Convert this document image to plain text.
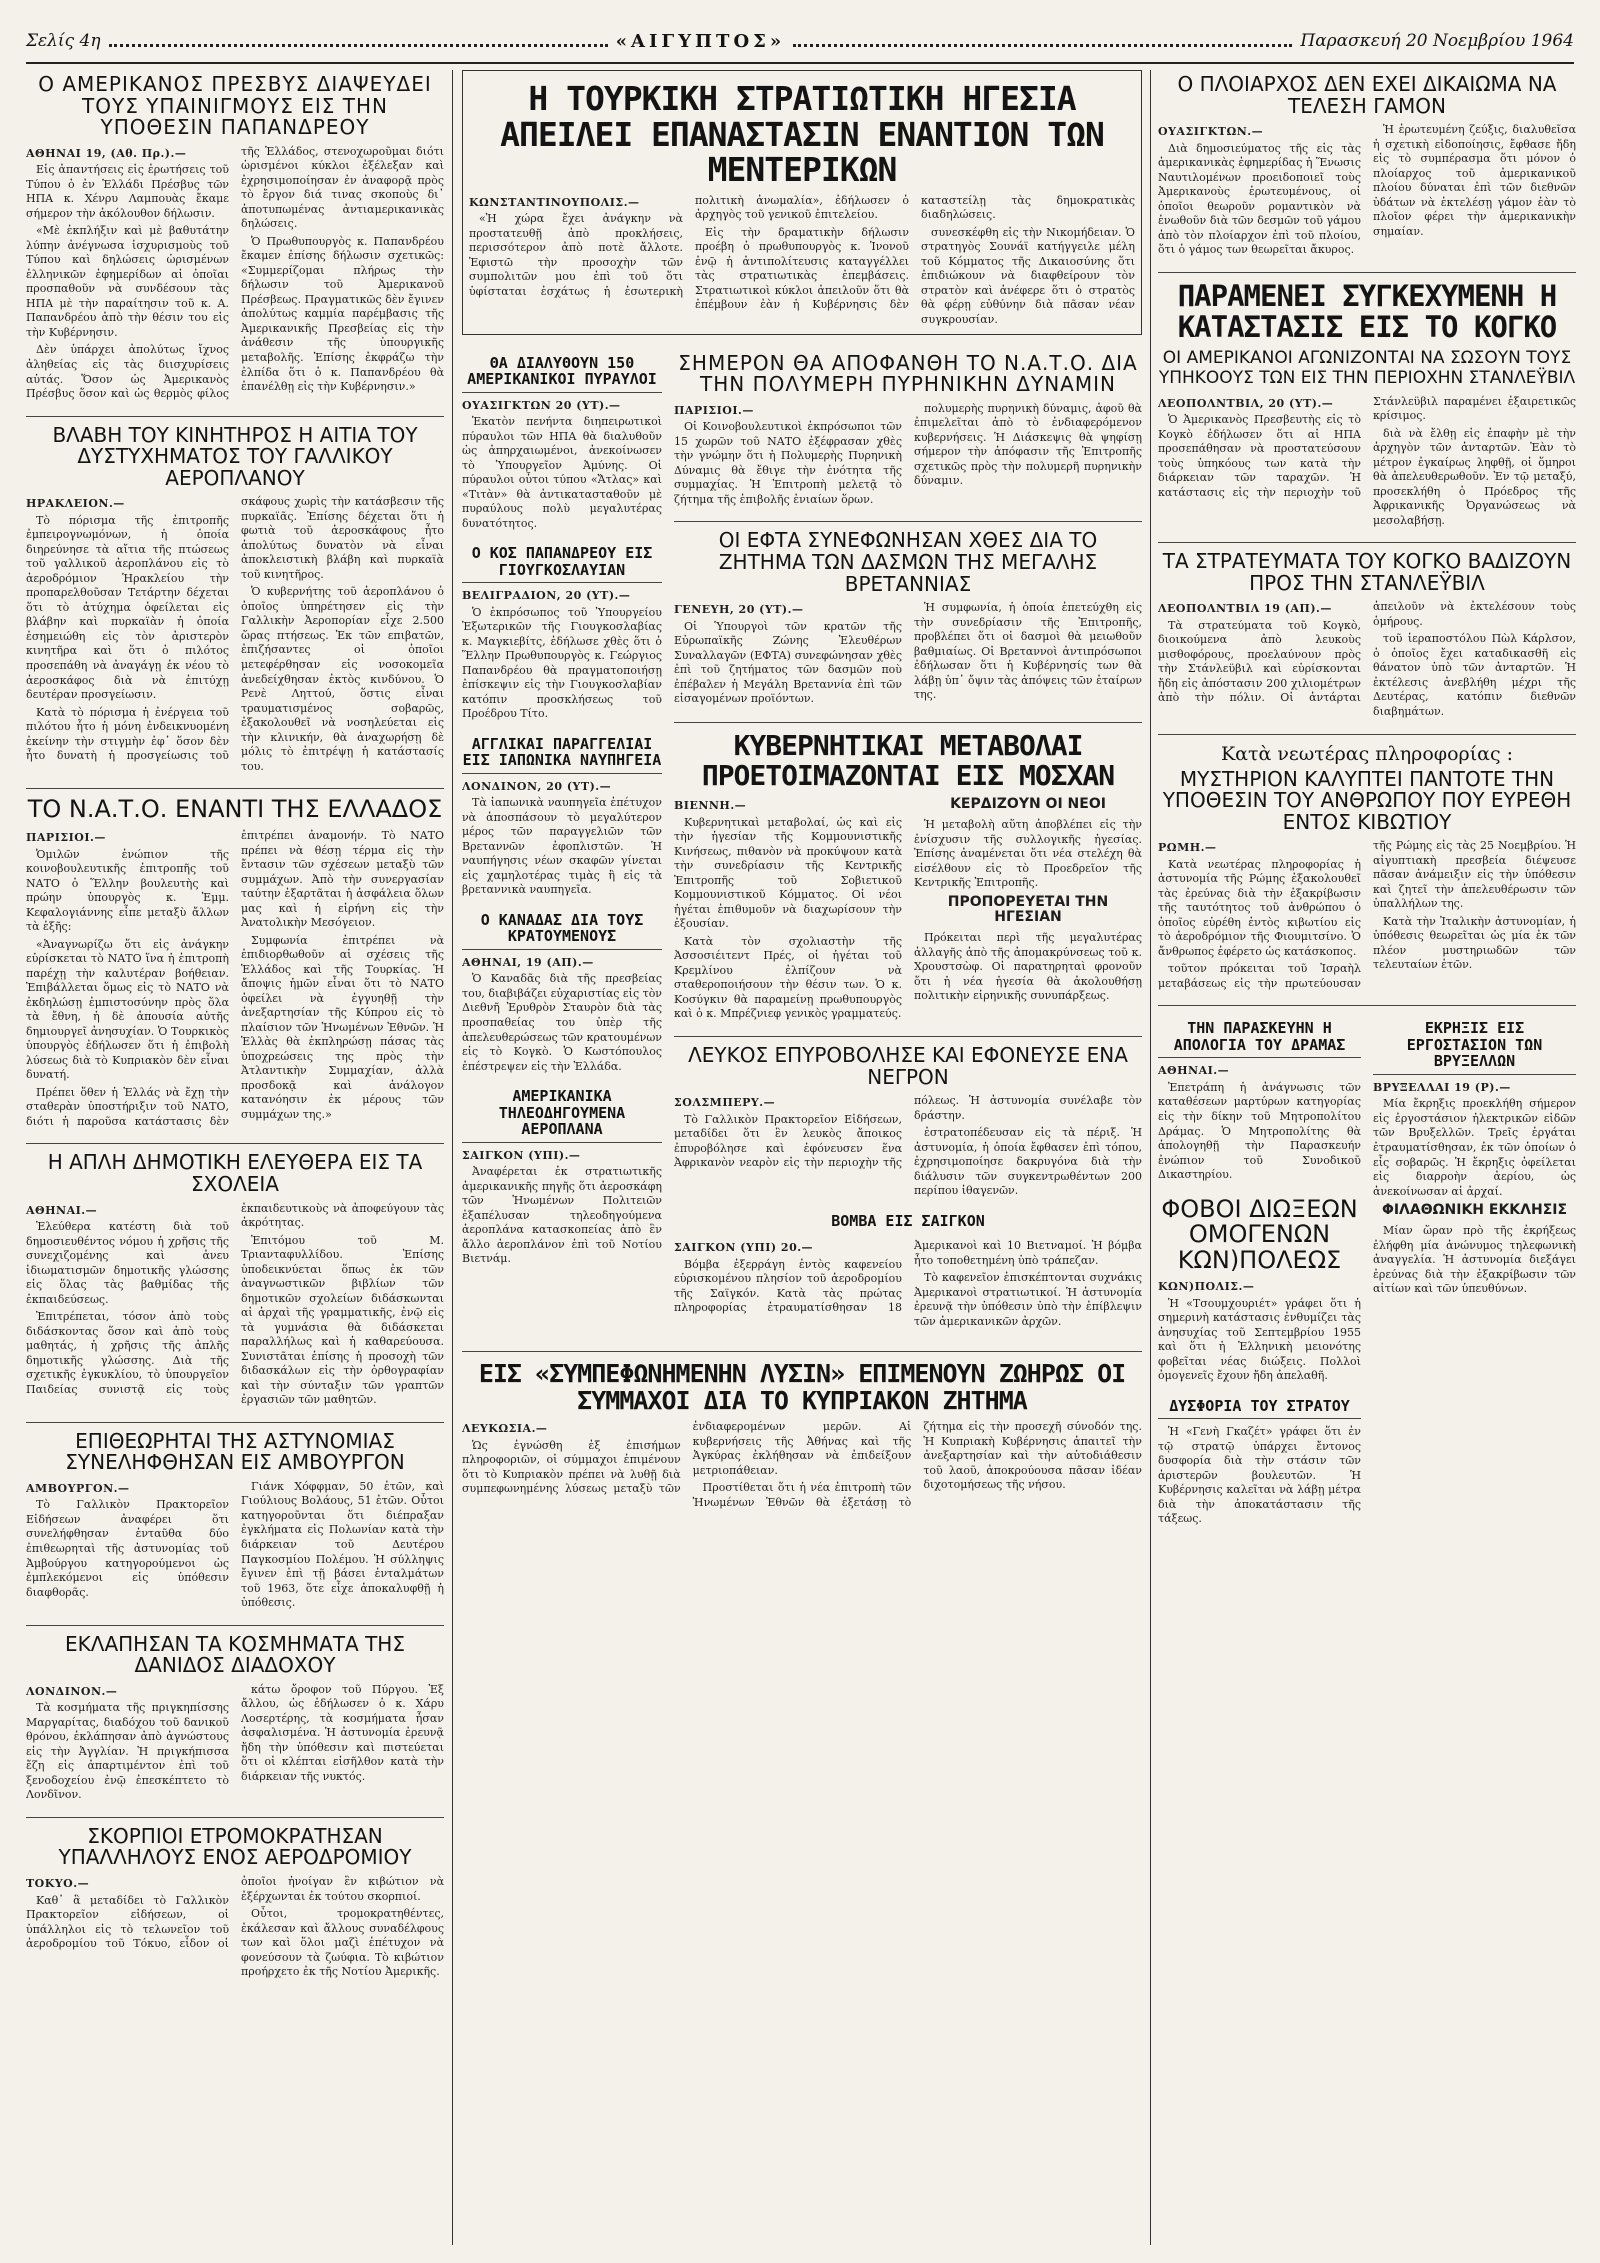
Σελίς 4η	«ΑΙΓΥΠΤΟΣ»	Παρασκευή 20 Νοεμβρίου 1964
Ο ΑΜΕΡΙΚΑΝΟΣ ΠΡΕΣΒΥΣ ΔΙΑΨΕΥΔΕΙ ΤΟΥΣ ΥΠΑΙΝΙΓΜΟΥΣ ΕΙΣ ΤΗΝ ΥΠΟΘΕΣΙΝ ΠΑΠΑΝΔΡΕΟΥ
ΑΘΗΝΑΙ 19, (Αθ. Πρ.).—

Εἰς ἀπαντήσεις εἰς ἐρωτήσεις τοῦ Τύπου ὁ ἐν Ἑλλάδι Πρέσβυς τῶν ΗΠΑ κ. Χένρυ Λαμπουὰς ἔκαμε σήμερον τὴν ἀκόλουθον δήλωσιν.

«Μὲ ἐκπλήξιν καὶ μὲ βαθυτάτην λύπην ἀνέγνωσα ἰσχυρισμοὺς τοῦ Τύπου καὶ δηλώσεις ὡρισμένων ἑλληνικῶν ἐφημερίδων αἱ ὁποῖαι προσπαθοῦν νὰ συνδέσουν τὰς ΗΠΑ μὲ τὴν παραίτησιν τοῦ κ. Α. Παπανδρέου ἀπὸ τὴν θέσιν του εἰς τὴν Κυβέρνησιν.

Δὲν ὑπάρχει ἀπολύτως ἴχνος ἀληθείας εἰς τὰς διισχυρίσεις αὐτάς. Ὅσον ὡς Ἀμερικανὸς Πρέσβυς ὅσον καὶ ὡς θερμὸς φίλος τῆς Ἑλλάδος, στενοχωροῦμαι διότι ὡρισμένοι κύκλοι ἐξέλεξαν καὶ ἐχρησιμοποίησαν ἐν ἀναφορᾷ πρὸς τὸ ἔργον διά τινας σκοποὺς δι᾽ ἀποτυπωμένας ἀντιαμερικανικὰς δηλώσεις.

Ὁ Πρωθυπουργὸς κ. Παπανδρέου ἔκαμεν ἐπίσης δήλωσιν σχετικῶς: «Συμμερίζομαι πλήρως τὴν δήλωσιν τοῦ Ἀμερικανοῦ Πρέσβεως. Πραγματικῶς δὲν ἔγινεν ἀπολύτως καμμία παρέμβασις τῆς Ἀμερικανικῆς Πρεσβείας εἰς τὴν ἀνάθεσιν τῆς ὑπουργικῆς μεταβολῆς. Ἐπίσης ἐκφράζω τὴν ἐλπίδα ὅτι ὁ κ. Παπανδρέου θὰ ἐπανέλθῃ εἰς τὴν Κυβέρνησιν.»

ΒΛΑΒΗ ΤΟΥ ΚΙΝΗΤΗΡΟΣ Η ΑΙΤΙΑ ΤΟΥ ΔΥΣΤΥΧΗΜΑΤΟΣ ΤΟΥ ΓΑΛΛΙΚΟΥ ΑΕΡΟΠΛΑΝΟΥ
ΗΡΑΚΛΕΙΟΝ.—

Τὸ πόρισμα τῆς ἐπιτροπῆς ἐμπειρογνωμόνων, ἡ ὁποία διηρεύνησε τὰ αἴτια τῆς πτώσεως τοῦ γαλλικοῦ ἀεροπλάνου εἰς τὸ ἀεροδρόμιον Ἡρακλείου τὴν προπαρελθοῦσαν Τετάρτην δέχεται ὅτι τὸ ἀτύχημα ὀφείλεται εἰς βλάβην καὶ πυρκαϊὰν ἡ ὁποία ἐσημειώθη εἰς τὸν ἀριστερὸν κινητῆρα καὶ ὅτι ὁ πιλότος προσεπάθη νὰ ἀναγάγῃ ἐκ νέου τὸ ἀεροσκάφος διὰ νὰ ἐπιτύχῃ δευτέραν προσγείωσιν.

Κατὰ τὸ πόρισμα ἡ ἐνέργεια τοῦ πιλότου ἦτο ἡ μόνη ἐνδεικνυομένη ἐκείνην τὴν στιγμὴν ἐφ᾽ ὅσον δὲν ἦτο δυνατὴ ἡ προσγείωσις τοῦ σκάφους χωρὶς τὴν κατάσβεσιν τῆς πυρκαϊᾶς. Ἐπίσης δέχεται ὅτι ἡ φωτιὰ τοῦ ἀεροσκάφους ἦτο ἀπολύτως δυνατὸν νὰ εἶναι ἀποκλειστικὴ βλάβη καὶ πυρκαϊὰ τοῦ κινητῆρος.

Ὁ κυβερνήτης τοῦ ἀεροπλάνου ὁ ὁποῖος ὑπηρέτησεν εἰς τὴν Γαλλικὴν Ἀεροπορίαν εἶχε 2.500 ὥρας πτήσεως. Ἐκ τῶν επιβατῶν, ἐπιζήσαντες οἱ ὁποῖοι μετεφέρθησαν εἰς νοσοκομεῖα ἀνεδείχθησαν ἐκτὸς κινδύνου. Ὁ Ρενὲ Ληττού, ὅστις εἶναι τραυματισμένος σοβαρῶς, ἐξακολουθεῖ νὰ νοσηλεύεται εἰς τὴν κλινικήν, θὰ ἀναχωρήσῃ δὲ μόλις τὸ ἐπιτρέψῃ ἡ κατάστασίς του.

ΤΟ Ν.Α.Τ.Ο. ΕΝΑΝΤΙ ΤΗΣ ΕΛΛΑΔΟΣ
ΠΑΡΙΣΙΟΙ.—

Ὁμιλῶν ἐνώπιον τῆς κοινοβουλευτικῆς ἐπιτροπῆς τοῦ ΝΑΤΟ ὁ Ἕλλην βουλευτὴς καὶ πρώην ὑπουργὸς κ. Ἐμμ. Κεφαλογιάννης εἶπε μεταξὺ ἄλλων τὰ ἑξῆς:

«Ἀναγνωρίζω ὅτι εἰς ἀνάγκην εὑρίσκεται τὸ ΝΑΤΟ ἵνα ἡ ἐπιτροπὴ παρέχῃ τὴν καλυτέραν βοήθειαν. Ἐπιβάλλεται ὅμως εἰς τὸ ΝΑΤΟ νὰ ἐκδηλώσῃ ἐμπιστοσύνην πρὸς ὅλα τὰ ἔθνη, ἡ δὲ ἀπουσία αὐτῆς δημιουργεῖ ἀνησυχίαν. Ὁ Τουρκικὸς ὑπουργὸς ἐδήλωσεν ὅτι ἡ ἐπιβολὴ λύσεως διὰ τὸ Κυπριακὸν δὲν εἶναι δυνατή.

Πρέπει ὅθεν ἡ Ἑλλάς νὰ ἔχῃ τὴν σταθερὰν ὑποστήριξιν τοῦ ΝΑΤΟ, διότι ἡ παροῦσα κατάστασις δὲν ἐπιτρέπει ἀναμονήν. Τὸ ΝΑΤΟ πρέπει νὰ θέσῃ τέρμα εἰς τὴν ἔντασιν τῶν σχέσεων μεταξὺ τῶν συμμάχων. Ἀπὸ τὴν συνεργασίαν ταύτην ἐξαρτᾶται ἡ ἀσφάλεια ὅλων μας καὶ ἡ εἰρήνη εἰς τὴν Ἀνατολικὴν Μεσόγειον.

Συμφωνία ἐπιτρέπει νὰ ἐπιδιορθωθοῦν αἱ σχέσεις τῆς Ἑλλάδος καὶ τῆς Τουρκίας. Ἡ ἄποψις ἡμῶν εἶναι ὅτι τὸ ΝΑΤΟ ὀφείλει νὰ ἐγγυηθῇ τὴν ἀνεξαρτησίαν τῆς Κύπρου εἰς τὸ πλαίσιον τῶν Ἡνωμένων Ἐθνῶν. Ἡ Ἑλλὰς θὰ ἐκπληρώσῃ πάσας τὰς ὑποχρεώσεις της πρὸς τὴν Ἀτλαντικὴν Συμμαχίαν, ἀλλὰ προσδοκᾷ καὶ ἀνάλογον κατανόησιν ἐκ μέρους τῶν συμμάχων της.»

Η ΑΠΛΗ ΔΗΜΟΤΙΚΗ ΕΛΕΥΘΕΡΑ ΕΙΣ ΤΑ ΣΧΟΛΕΙΑ
ΑΘΗΝΑΙ.—

Ἐλεύθερα κατέστη διὰ τοῦ δημοσιευθέντος νόμου ἡ χρῆσις τῆς συνεχιζομένης καὶ ἀνευ ἰδιωματισμῶν δημοτικῆς γλώσσης εἰς ὅλας τὰς βαθμίδας τῆς ἐκπαιδεύσεως.

Ἐπιτρέπεται, τόσον ἀπὸ τοὺς διδάσκοντας ὅσον καὶ ἀπὸ τοὺς μαθητάς, ἡ χρῆσις τῆς ἁπλῆς δημοτικῆς γλώσσης. Διὰ τῆς σχετικῆς ἐγκυκλίου, τὸ ὑπουργεῖον Παιδείας συνιστᾷ εἰς τοὺς ἐκπαιδευτικοὺς νὰ ἀποφεύγουν τὰς ἀκρότητας.

Ἐπιτόμου τοῦ Μ. Τριανταφυλλίδου. Ἐπίσης ὑποδεικνύεται ὅπως ἐκ τῶν ἀναγνωστικῶν βιβλίων τῶν δημοτικῶν σχολείων διδάσκωνται αἱ ἀρχαὶ τῆς γραμματικῆς, ἐνῷ εἰς τὰ γυμνάσια θὰ διδάσκεται παραλλήλως καὶ ἡ καθαρεύουσα. Συνιστᾶται ἐπίσης ἡ προσοχὴ τῶν διδασκάλων εἰς τὴν ὀρθογραφίαν καὶ τὴν σύνταξιν τῶν γραπτῶν ἐργασιῶν τῶν μαθητῶν.

ΕΠΙΘΕΩΡΗΤΑΙ ΤΗΣ ΑΣΤΥΝΟΜΙΑΣ ΣΥΝΕΛΗΦΘΗΣΑΝ ΕΙΣ ΑΜΒΟΥΡΓΟΝ
ΑΜΒΟΥΡΓΟΝ.—

Τὸ Γαλλικὸν Πρακτορεῖον Εἰδήσεων ἀναφέρει ὅτι συνελήφθησαν ἐνταῦθα δύο ἐπιθεωρηταὶ τῆς ἀστυνομίας τοῦ Ἀμβούργου κατηγορούμενοι ὡς ἐμπλεκόμενοι εἰς ὑπόθεσιν διαφθορᾶς.

Γιάνκ Χόφφμαν, 50 ἐτῶν, καὶ Γιούλιους Βολάους, 51 ἐτῶν. Οὗτοι κατηγοροῦνται ὅτι διέπραξαν ἐγκλήματα εἰς Πολωνίαν κατὰ τὴν διάρκειαν τοῦ Δευτέρου Παγκοσμίου Πολέμου. Ἡ σύλληψις ἔγινεν ἐπὶ τῇ βάσει ἐνταλμάτων τοῦ 1963, ὅτε εἶχε ἀποκαλυφθῇ ἡ ὑπόθεσις.

ΕΚΛΑΠΗΣΑΝ ΤΑ ΚΟΣΜΗΜΑΤΑ ΤΗΣ ΔΑΝΙΔΟΣ ΔΙΑΔΟΧΟΥ
ΛΟΝΔΙΝΟΝ.—

Τὰ κοσμήματα τῆς πριγκηπίσσης Μαργαρίτας, διαδόχου τοῦ δανικοῦ θρόνου, ἐκλάπησαν ἀπὸ ἀγνώστους εἰς τὴν Ἀγγλίαν. Ἡ πριγκήπισσα ἔζη εἰς ἀπαρτιμέντον ἐπὶ τοῦ ξενοδοχείου ἐνῷ ἐπεσκέπτετο τὸ Λονδῖνον.

κάτω ὄροφον τοῦ Πύργου. Ἐξ ἄλλου, ὡς ἐδήλωσεν ὁ κ. Χάρυ Λοσερτέρης, τὰ κοσμήματα ἦσαν ἀσφαλισμένα. Ἡ ἀστυνομία ἐρευνᾷ ἤδη τὴν ὑπόθεσιν καὶ πιστεύεται ὅτι οἱ κλέπται εἰσῆλθον κατὰ τὴν διάρκειαν τῆς νυκτός.

ΣΚΟΡΠΙΟΙ ΕΤΡΟΜΟΚΡΑΤΗΣΑΝ ΥΠΑΛΛΗΛΟΥΣ ΕΝΟΣ ΑΕΡΟΔΡΟΜΙΟΥ
ΤΟΚΥΟ.—

Καθ᾽ ἃ μεταδίδει τὸ Γαλλικὸν Πρακτορεῖον εἰδήσεων, οἱ ὑπάλληλοι εἰς τὸ τελωνεῖον τοῦ ἀεροδρομίου τοῦ Τόκυο, εἶδον οἱ ὁποῖοι ἠνοίγαν ἓν κιβώτιον νὰ ἐξέρχωνται ἐκ τούτου σκορπιοί.

Οὗτοι, τρομοκρατηθέντες, ἐκάλεσαν καὶ ἄλλους συναδέλφους των καὶ ὅλοι μαζὶ ἐπέτυχον νὰ φονεύσουν τὰ ζωύφια. Τὸ κιβώτιον προήρχετο ἐκ τῆς Νοτίου Ἀμερικῆς.

Η ΤΟΥΡΚΙΚΗ ΣΤΡΑΤΙΩΤΙΚΗ ΗΓΕΣΙΑ ΑΠΕΙΛΕΙ ΕΠΑΝΑΣΤΑΣΙΝ ΕΝΑΝΤΙΟΝ ΤΩΝ ΜΕΝΤΕΡΙΚΩΝ
ΚΩΝΣΤΑΝΤΙΝΟΥΠΟΛΙΣ.—

«Ἡ χώρα ἔχει ἀνάγκην νὰ προστατευθῇ ἀπὸ προκλήσεις, περισσότερον ἀπὸ ποτὲ ἄλλοτε. Ἐφιστῶ τὴν προσοχὴν τῶν συμπολιτῶν μου ἐπὶ τοῦ ὅτι ὑφίσταται ἐσχάτως ἡ ἐσωτερικὴ πολιτικὴ ἀνωμαλία», ἐδήλωσεν ὁ ἀρχηγὸς τοῦ γενικοῦ ἐπιτελείου.

Εἰς τὴν δραματικὴν δήλωσιν προέβη ὁ πρωθυπουργὸς κ. Ἰνονοῦ ἐνῷ ἡ ἀντιπολίτευσις καταγγέλλει τὰς στρατιωτικὰς ἐπεμβάσεις. Στρατιωτικοὶ κύκλοι ἀπειλοῦν ὅτι θὰ ἐπέμβουν ἐὰν ἡ Κυβέρνησις δὲν καταστείλῃ τὰς δημοκρατικὰς διαδηλώσεις.

συνεσκέφθη εἰς τὴν Νικομήδειαν. Ὁ στρατηγὸς Σουνάϊ κατήγγειλε μέλη τοῦ Κόμματος τῆς Δικαιοσύνης ὅτι ἐπιδιώκουν νὰ διαφθείρουν τὸν στρατὸν καὶ ἀνέφερε ὅτι ὁ στρατὸς θὰ φέρῃ εὐθύνην διὰ πᾶσαν νέαν συγκρουσίαν.

ΘΑ ΔΙΑΛΥΘΟΥΝ 150 ΑΜΕΡΙΚΑΝΙΚΟΙ ΠΥΡΑΥΛΟΙ
ΟΥΑΣΙΓΚΤΩΝ 20 (ΥΤ).—

Ἑκατὸν πενήντα διηπειρωτικοὶ πύραυλοι τῶν ΗΠΑ θὰ διαλυθοῦν ὡς ἀπηρχαιωμένοι, ἀνεκοίνωσεν τὸ Ὑπουργεῖον Ἀμύνης. Οἱ πύραυλοι οὗτοι τύπου «Ἄτλας» καὶ «Τιτὰν» θὰ ἀντικατασταθοῦν μὲ πυραύλους πολὺ μεγαλυτέρας δυνατότητος.

Ο ΚΟΣ ΠΑΠΑΝΔΡΕΟΥ ΕΙΣ ΓΙΟΥΓΚΟΣΛΑΥΙΑΝ
ΒΕΛΙΓΡΑΔΙΟΝ, 20 (ΥΤ).—

Ὁ ἐκπρόσωπος τοῦ Ὑπουργείου Ἐξωτερικῶν τῆς Γιουγκοσλαβίας κ. Μαγκιεβίτς, ἐδήλωσε χθὲς ὅτι ὁ Ἕλλην Πρωθυπουργὸς κ. Γεώργιος Παπανδρέου θὰ πραγματοποιήσῃ ἐπίσκεψιν εἰς τὴν Γιουγκοσλαβίαν κατόπιν προσκλήσεως τοῦ Προέδρου Τίτο.

ΑΓΓΛΙΚΑΙ ΠΑΡΑΓΓΕΛΙΑΙ ΕΙΣ ΙΑΠΩΝΙΚΑ ΝΑΥΠΗΓΕΙΑ
ΛΟΝΔΙΝΟΝ, 20 (ΥΤ).—

Τὰ ἰαπωνικὰ ναυπηγεῖα ἐπέτυχον νὰ ἀποσπάσουν τὸ μεγαλύτερον μέρος τῶν παραγγελιῶν τῶν Βρεταννῶν ἐφοπλιστῶν. Ἡ ναυπήγησις νέων σκαφῶν γίνεται εἰς χαμηλοτέρας τιμὰς ἢ εἰς τὰ βρεταννικὰ ναυπηγεῖα.

Ο ΚΑΝΑΔΑΣ ΔΙΑ ΤΟΥΣ ΚΡΑΤΟΥΜΕΝΟΥΣ
ΑΘΗΝΑΙ, 19 (ΑΠ).—

Ὁ Καναδᾶς διὰ τῆς πρεσβείας του, διαβιβάζει εὐχαριστίας εἰς τὸν Διεθνῆ Ἐρυθρὸν Σταυρὸν διὰ τὰς προσπαθείας του ὑπὲρ τῆς ἀπελευθερώσεως τῶν κρατουμένων εἰς τὸ Κογκὸ. Ὁ Κωστόπουλος ἐπέστρεψεν εἰς τὴν Ἑλλάδα.

ΑΜΕΡΙΚΑΝΙΚΑ ΤΗΛΕΟΔΗΓΟΥΜΕΝΑ ΑΕΡΟΠΛΑΝΑ
ΣΑΙΓΚΟΝ (ΥΠΙ).—

Ἀναφέρεται ἐκ στρατιωτικῆς ἀμερικανικῆς πηγῆς ὅτι ἀεροσκάφη τῶν Ἡνωμένων Πολιτειῶν ἐξαπέλυσαν τηλεοδηγούμενα ἀεροπλάνα κατασκοπείας ἀπὸ ἓν ἄλλο ἀεροπλάνον ἐπὶ τοῦ Νοτίου Βιετνάμ.

ΣΗΜΕΡΟΝ ΘΑ ΑΠΟΦΑΝΘΗ ΤΟ Ν.Α.Τ.Ο. ΔΙΑ ΤΗΝ ΠΟΛΥΜΕΡΗ ΠΥΡΗΝΙΚΗΝ ΔΥΝΑΜΙΝ
ΠΑΡΙΣΙΟΙ.—

Οἱ Κοινοβουλευτικοὶ ἐκπρόσωποι τῶν 15 χωρῶν τοῦ ΝΑΤΟ ἐξέφρασαν χθὲς τὴν γνώμην ὅτι ἡ Πολυμερὴς Πυρηνικὴ Δύναμις θὰ ἔθιγε τὴν ἐνότητα τῆς συμμαχίας. Ἡ Ἐπιτροπὴ μελετᾷ τὸ ζήτημα τῆς ἐπιβολῆς ἑνιαίων ὅρων.

πολυμερὴς πυρηνικὴ δύναμις, ἀφοῦ θὰ ἐπιμελεῖται ἀπὸ τὸ ἐνδιαφερόμενον κυβερνήσεις. Ἡ Διάσκεψις θὰ ψηφίσῃ σήμερον τὴν ἀπόφασιν τῆς Ἐπιτροπῆς σχετικῶς πρὸς τὴν πολυμερῆ πυρηνικὴν δύναμιν.

ΟΙ ΕΦΤΑ ΣΥΝΕΦΩΝΗΣΑΝ ΧΘΕΣ ΔΙΑ ΤΟ ΖΗΤΗΜΑ ΤΩΝ ΔΑΣΜΩΝ ΤΗΣ ΜΕΓΑΛΗΣ ΒΡΕΤΑΝΝΙΑΣ
ΓΕΝΕΥΗ, 20 (ΥΤ).—

Οἱ Ὑπουργοὶ τῶν κρατῶν τῆς Εὐρωπαϊκῆς Ζώνης Ἐλευθέρων Συναλλαγῶν (ΕΦΤΑ) συνεφώνησαν χθὲς ἐπὶ τοῦ ζητήματος τῶν δασμῶν ποὺ ἐπέβαλεν ἡ Μεγάλη Βρεταννία ἐπὶ τῶν εἰσαγομένων προϊόντων.

Ἡ συμφωνία, ἡ ὁποία ἐπετεύχθη εἰς τὴν συνεδρίασιν τῆς Ἐπιτροπῆς, προβλέπει ὅτι οἱ δασμοὶ θὰ μειωθοῦν βαθμιαίως. Οἱ Βρεταννοὶ ἀντιπρόσωποι ἐδήλωσαν ὅτι ἡ Κυβέρνησίς των θὰ λάβῃ ὑπ᾽ ὄψιν τὰς ἀπόψεις τῶν ἑταίρων της.

ΚΥΒΕΡΝΗΤΙΚΑΙ ΜΕΤΑΒΟΛΑΙ ΠΡΟΕΤΟΙΜΑΖΟΝΤΑΙ ΕΙΣ ΜΟΣΧΑΝ
ΒΙΕΝΝΗ.—

Κυβερνητικαὶ μεταβολαί, ὡς καὶ εἰς τὴν ἡγεσίαν τῆς Κομμουνιστικῆς Κινήσεως, πιθανὸν νὰ προκύψουν κατὰ τὴν συνεδρίασιν τῆς Κεντρικῆς Ἐπιτροπῆς τοῦ Σοβιετικοῦ Κομμουνιστικοῦ Κόμματος. Οἱ νέοι ἡγέται ἐπιθυμοῦν νὰ διαχωρίσουν τὴν ἐξουσίαν.

Κατὰ τὸν σχολιαστὴν τῆς Ἀσσοσιέιτεντ Πρές, οἱ ἡγέται τοῦ Κρεμλίνου ἐλπίζουν νὰ σταθεροποιήσουν τὴν θέσιν των. Ὁ κ. Κοσύγκιν θὰ παραμείνῃ πρωθυπουργὸς καὶ ὁ κ. Μπρέζνιεφ γενικὸς γραμματεύς.

ΚΕΡΔΙΖΟΥΝ ΟΙ ΝΕΟΙ

Ἡ μεταβολὴ αὕτη ἀποβλέπει εἰς τὴν ἐνίσχυσιν τῆς συλλογικῆς ἡγεσίας. Ἐπίσης ἀναμένεται ὅτι νέα στελέχη θὰ εἰσέλθουν εἰς τὸ Προεδρεῖον τῆς Κεντρικῆς Ἐπιτροπῆς.

ΠΡΟΠΟΡΕΥΕΤΑΙ ΤΗΝ ΗΓΕΣΙΑΝ

Πρόκειται περὶ τῆς μεγαλυτέρας ἀλλαγῆς ἀπὸ τῆς ἀπομακρύνσεως τοῦ κ. Χρουστσὼφ. Οἱ παρατηρηταὶ φρονοῦν ὅτι ἡ νέα ἡγεσία θὰ ἀκολουθήσῃ πολιτικὴν εἰρηνικῆς συνυπάρξεως.

ΛΕΥΚΟΣ ΕΠΥΡΟΒΟΛΗΣΕ ΚΑΙ ΕΦΟΝΕΥΣΕ ΕΝΑ ΝΕΓΡΟΝ
ΣΟΛΣΜΠΕΡΥ.—

Τὸ Γαλλικὸν Πρακτορεῖον Εἰδήσεων, μεταδίδει ὅτι ἓν λευκὸς ἄποικος ἐπυροβόλησε καὶ ἐφόνευσεν ἕνα Ἀφρικανὸν νεαρὸν εἰς τὴν περιοχὴν τῆς πόλεως. Ἡ ἀστυνομία συνέλαβε τὸν δράστην.

ἐστρατοπέδευσαν εἰς τὰ πέριξ. Ἡ ἀστυνομία, ἡ ὁποία ἔφθασεν ἐπὶ τόπου, ἐχρησιμοποίησε δακρυγόνα διὰ τὴν διάλυσιν τῶν συγκεντρωθέντων 200 περίπου ἰθαγενῶν.

ΒΟΜΒΑ ΕΙΣ ΣΑΙΓΚΟΝ
ΣΑΙΓΚΟΝ (ΥΠΙ) 20.—

Βόμβα ἐξερράγη ἐντὸς καφενείου εὑρισκομένου πλησίον τοῦ ἀεροδρομίου τῆς Σαϊγκόν. Κατὰ τὰς πρώτας πληροφορίας ἐτραυματίσθησαν 18 Ἀμερικανοὶ καὶ 10 Βιετναμοί. Ἡ βόμβα ἦτο τοποθετημένη ὑπὸ τράπεζαν.

Τὸ καφενεῖον ἐπισκέπτονται συχνάκις Ἀμερικανοὶ στρατιωτικοί. Ἡ ἀστυνομία ἐρευνᾷ τὴν ὑπόθεσιν ὑπὸ τὴν ἐπίβλεψιν τῶν ἀμερικανικῶν ἀρχῶν.

ΕΙΣ «ΣΥΜΠΕΦΩΝΗΜΕΝΗΝ ΛΥΣΙΝ» ΕΠΙΜΕΝΟΥΝ ΖΩΗΡΩΣ ΟΙ ΣΥΜΜΑΧΟΙ ΔΙΑ ΤΟ ΚΥΠΡΙΑΚΟΝ ΖΗΤΗΜΑ
ΛΕΥΚΩΣΙΑ.—

Ὡς ἐγνώσθη ἐξ ἐπισήμων πληροφοριῶν, οἱ σύμμαχοι ἐπιμένουν ὅτι τὸ Κυπριακὸν πρέπει νὰ λυθῇ διὰ συμπεφωνημένης λύσεως μεταξὺ τῶν ἐνδιαφερομένων μερῶν. Αἱ κυβερνήσεις τῆς Ἀθήνας καὶ τῆς Ἀγκύρας ἐκλήθησαν νὰ ἐπιδείξουν μετριοπάθειαν.

Προστίθεται ὅτι ἡ νέα ἐπιτροπὴ τῶν Ἡνωμένων Ἐθνῶν θὰ ἐξετάσῃ τὸ ζήτημα εἰς τὴν προσεχῆ σύνοδόν της. Ἡ Κυπριακὴ Κυβέρνησις ἀπαιτεῖ τὴν ἀνεξαρτησίαν καὶ τὴν αὐτοδιάθεσιν τοῦ λαοῦ, ἀποκρούουσα πᾶσαν ἰδέαν διχοτομήσεως τῆς νήσου.

Ο ΠΛΟΙΑΡΧΟΣ ΔΕΝ ΕΧΕΙ ΔΙΚΑΙΩΜΑ ΝΑ ΤΕΛΕΣΗ ΓΑΜΟΝ
ΟΥΑΣΙΓΚΤΩΝ.—

Διὰ δημοσιεύματος τῆς εἰς τὰς ἀμερικανικὰς ἐφημερίδας ἡ Ἕνωσις Ναυτιλομένων προειδοποιεῖ τοὺς Ἀμερικανοὺς ἐρωτευμένους, οἱ ὁποῖοι θεωροῦν ρομαντικὸν νὰ ἑνωθοῦν διὰ τῶν δεσμῶν τοῦ γάμου ἀπὸ τὸν πλοίαρχον ἐπὶ τοῦ πλοίου, ὅτι ὁ γάμος των θεωρεῖται ἄκυρος.

Ἡ ἐρωτευμένη ζεύξις, διαλυθεῖσα ἡ σχετικὴ εἰδοποίησις, ἔφθασε ἤδη εἰς τὸ συμπέρασμα ὅτι μόνον ὁ πλοίαρχος τοῦ ἀμερικανικοῦ πλοίου δύναται ἐπὶ τῶν διεθνῶν ὑδάτων νὰ ἐκτελέσῃ γάμον ἐὰν τὸ πλοῖον φέρει τὴν ἀμερικανικὴν σημαίαν.

ΠΑΡΑΜΕΝΕΙ ΣΥΓΚΕΧΥΜΕΝΗ Η ΚΑΤΑΣΤΑΣΙΣ ΕΙΣ ΤΟ ΚΟΓΚΟ
ΟΙ ΑΜΕΡΙΚΑΝΟΙ ΑΓΩΝΙΖΟΝΤΑΙ ΝΑ ΣΩΣΟΥΝ ΤΟΥΣ ΥΠΗΚΟΟΥΣ ΤΩΝ ΕΙΣ ΤΗΝ ΠΕΡΙΟΧΗΝ ΣΤΑΝΛΕΫΒΙΛ
ΛΕΟΠΟΛΝΤΒΙΛ, 20 (ΥΤ).—

Ὁ Ἀμερικανὸς Πρεσβευτὴς εἰς τὸ Κογκὸ ἐδήλωσεν ὅτι αἱ ΗΠΑ προσεπάθησαν νὰ προστατεύσουν τοὺς ὑπηκόους των κατὰ τὴν διάρκειαν τῶν ταραχῶν. Ἡ κατάστασις εἰς τὴν περιοχὴν τοῦ Στάνλεϋβιλ παραμένει ἐξαιρετικῶς κρίσιμος.

διὰ νὰ ἔλθῃ εἰς ἐπαφὴν μὲ τὴν ἀρχηγὸν τῶν ἀνταρτῶν. Ἐὰν τὸ μέτρον ἐγκαίρως ληφθῇ, οἱ ὅμηροι θὰ ἀπελευθερωθοῦν. Ἐν τῷ μεταξύ, προσεκλήθη ὁ Πρόεδρος τῆς Ἀφρικανικῆς Ὀργανώσεως νὰ μεσολαβήσῃ.

ΤΑ ΣΤΡΑΤΕΥΜΑΤΑ ΤΟΥ ΚΟΓΚΟ ΒΑΔΙΖΟΥΝ ΠΡΟΣ ΤΗΝ ΣΤΑΝΛΕΫΒΙΛ
ΛΕΟΠΟΛΝΤΒΙΛ 19 (ΑΠ).—

Τὰ στρατεύματα τοῦ Κογκὸ, διοικούμενα ἀπὸ λευκοὺς μισθοφόρους, προελαύνουν πρὸς τὴν Στάνλεϋβιλ καὶ εὑρίσκονται ἤδη εἰς ἀπόστασιν 200 χιλιομέτρων ἀπὸ τὴν πόλιν. Οἱ ἀντάρται ἀπειλοῦν νὰ ἐκτελέσουν τοὺς ὁμήρους.

τοῦ ἱεραποστόλου Πὼλ Κάρλσον, ὁ ὁποῖος ἔχει καταδικασθῆ εἰς θάνατον ὑπὸ τῶν ἀνταρτῶν. Ἡ ἐκτέλεσις ἀνεβλήθη μέχρι τῆς Δευτέρας, κατόπιν διεθνῶν διαβημάτων.

Κατὰ νεωτέρας πληροφορίας :
ΜΥΣΤΗΡΙΟΝ ΚΑΛΥΠΤΕΙ ΠΑΝΤΟΤΕ ΤΗΝ ΥΠΟΘΕΣΙΝ ΤΟΥ ΑΝΘΡΩΠΟΥ ΠΟΥ ΕΥΡΕΘΗ ΕΝΤΟΣ ΚΙΒΩΤΙΟΥ
ΡΩΜΗ.—

Κατὰ νεωτέρας πληροφορίας ἡ ἀστυνομία τῆς Ρώμης ἐξακολουθεῖ τὰς ἐρεύνας διὰ τὴν ἐξακρίβωσιν τῆς ταυτότητος τοῦ ἀνθρώπου ὁ ὁποῖος εὑρέθη ἐντὸς κιβωτίου εἰς τὸ ἀεροδρόμιον τῆς Φιουμιτσίνο. Ὁ ἄνθρωπος ἐφέρετο ὡς κατάσκοπος.

τοῦτον πρόκειται τοῦ Ἰσραὴλ μεταβάσεως εἰς τὴν πρωτεύουσαν τῆς Ρώμης εἰς τὰς 25 Νοεμβρίου. Ἡ αἰγυπτιακὴ πρεσβεία διέψευσε πᾶσαν ἀνάμειξιν εἰς τὴν ὑπόθεσιν καὶ ζητεῖ τὴν ἀπελευθέρωσιν τῶν ὑπαλλήλων της.

Κατὰ τὴν Ἰταλικὴν ἀστυνομίαν, ἡ ὑπόθεσις θεωρεῖται ὡς μία ἐκ τῶν πλέον μυστηριωδῶν τῶν τελευταίων ἐτῶν.

ΤΗΝ ΠΑΡΑΣΚΕΥΗΝ Η ΑΠΟΛΟΓΙΑ ΤΟΥ ΔΡΑΜΑΣ
ΑΘΗΝΑΙ.—

Ἐπετράπη ἡ ἀνάγνωσις τῶν καταθέσεων μαρτύρων κατηγορίας εἰς τὴν δίκην τοῦ Μητροπολίτου Δράμας. Ὁ Μητροπολίτης θὰ ἀπολογηθῇ τὴν Παρασκευήν ἐνώπιον τοῦ Συνοδικοῦ Δικαστηρίου.

ΦΟΒΟΙ ΔΙΩΞΕΩΝ ΟΜΟΓΕΝΩΝ ΚΩΝ)ΠΟΛΕΩΣ
ΚΩΝ)ΠΟΛΙΣ.—

Ἡ «Τσουμχουριέτ» γράφει ὅτι ἡ σημερινὴ κατάστασις ἐνθυμίζει τὰς ἀνησυχίας τοῦ Σεπτεμβρίου 1955 καὶ ὅτι ἡ Ἑλληνικὴ μειονότης φοβεῖται νέας διώξεις. Πολλοὶ ὁμογενεῖς ἔχουν ἤδη ἀπελαθῆ.

ΔΥΣΦΟΡΙΑ ΤΟΥ ΣΤΡΑΤΟΥ

Ἡ «Γενὴ Γκαζέτ» γράφει ὅτι ἐν τῷ στρατῷ ὑπάρχει ἔντονος δυσφορία διὰ τὴν στάσιν τῶν ἀριστερῶν βουλευτῶν. Ἡ Κυβέρνησις καλεῖται νὰ λάβῃ μέτρα διὰ τὴν ἀποκατάστασιν τῆς τάξεως.

ΕΚΡΗΞΙΣ ΕΙΣ ΕΡΓΟΣΤΑΣΙΟΝ ΤΩΝ ΒΡΥΞΕΛΛΩΝ
ΒΡΥΞΕΛΛΑΙ 19 (Ρ).—

Μία ἔκρηξις προεκλήθη σήμερον εἰς ἐργοστάσιον ἠλεκτρικῶν εἰδῶν τῶν Βρυξελλῶν. Τρεῖς ἐργάται ἐτραυματίσθησαν, ἐκ τῶν ὁποίων ὁ εἷς σοβαρῶς. Ἡ ἔκρηξις ὀφείλεται εἰς διαρροὴν ἀερίου, ὡς ἀνεκοίνωσαν αἱ ἀρχαί.

ΦΙΛΑΘΩΝΙΚΗ ΕΚΚΛΗΣΙΣ

Μίαν ὥραν πρὸ τῆς ἐκρήξεως ἐλήφθη μία ἀνώνυμος τηλεφωνικὴ ἀναγγελία. Ἡ ἀστυνομία διεξάγει ἐρεύνας διὰ τὴν ἐξακρίβωσιν τῶν αἰτίων καὶ τῶν ὑπευθύνων.
